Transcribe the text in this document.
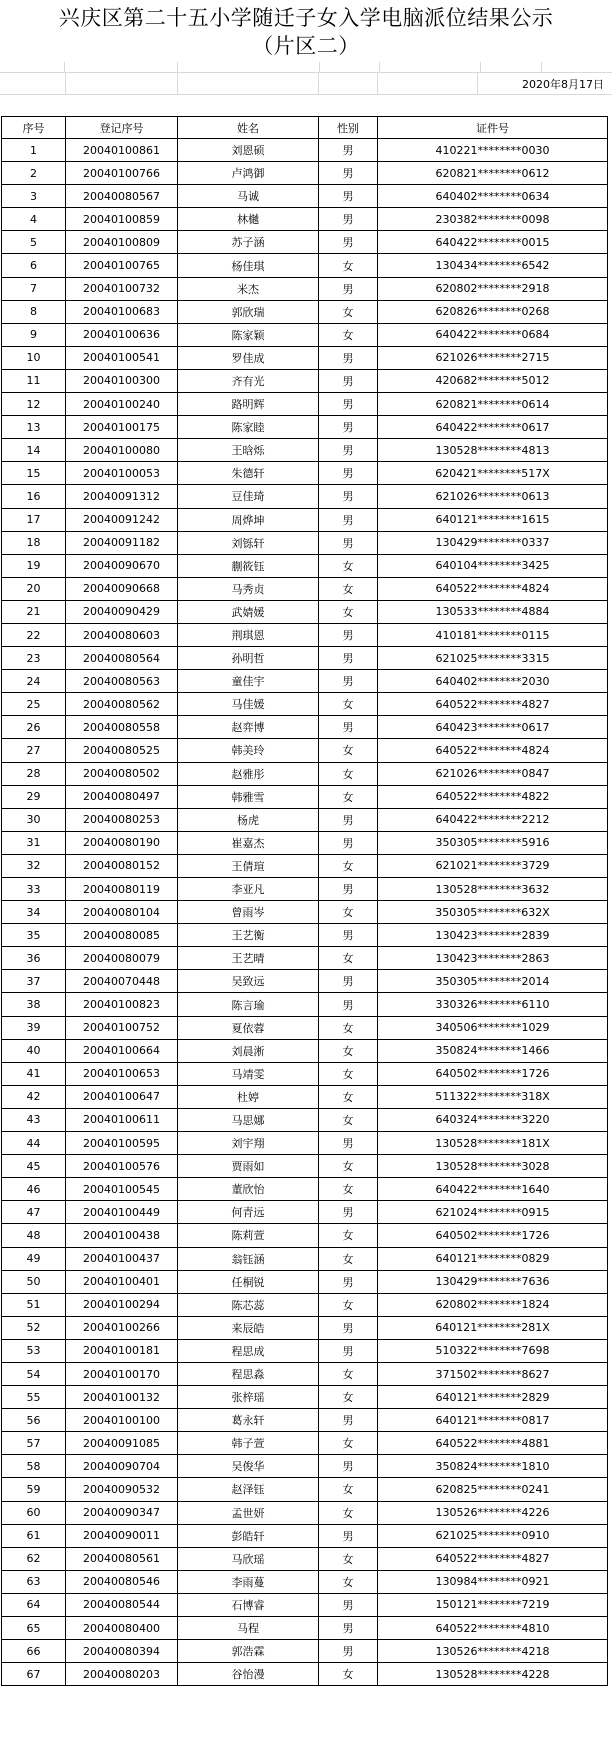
兴庆区第二十五小学随迁子女入学电脑派位结果公示
（片区二）
2020年8月17日
序号	登记序号	姓名	性别	证件号
1	20040100861	刘恩硕	男	410221********0030
2	20040100766	卢鸿御	男	620821********0612
3	20040080567	马诚	男	640402********0634
4	20040100859	林樾	男	230382********0098
5	20040100809	苏子涵	男	640422********0015
6	20040100765	杨佳琪	女	130434********6542
7	20040100732	米杰	男	620802********2918
8	20040100683	郭欣瑞	女	620826********0268
9	20040100636	陈家颖	女	640422********0684
10	20040100541	罗佳成	男	621026********2715
11	20040100300	齐有光	男	420682********5012
12	20040100240	路明辉	男	620821********0614
13	20040100175	陈家睦	男	640422********0617
14	20040100080	王晗烁	男	130528********4813
15	20040100053	朱德轩	男	620421********517X
16	20040091312	豆佳琦	男	621026********0613
17	20040091242	周烨坤	男	640121********1615
18	20040091182	刘铄轩	男	130429********0337
19	20040090670	蒯筱钰	女	640104********3425
20	20040090668	马秀贞	女	640522********4824
21	20040090429	武婧媛	女	130533********4884
22	20040080603	荆琪恩	男	410181********0115
23	20040080564	孙明哲	男	621025********3315
24	20040080563	童佳宇	男	640402********2030
25	20040080562	马佳媛	女	640522********4827
26	20040080558	赵弈博	男	640423********0617
27	20040080525	韩美玲	女	640522********4824
28	20040080502	赵雅彤	女	621026********0847
29	20040080497	韩雅雪	女	640522********4822
30	20040080253	杨虎	男	640422********2212
31	20040080190	崔嘉杰	男	350305********5916
32	20040080152	王倩瑄	女	621021********3729
33	20040080119	李亚凡	男	130528********3632
34	20040080104	曾雨岑	女	350305********632X
35	20040080085	王艺衡	男	130423********2839
36	20040080079	王艺晴	女	130423********2863
37	20040070448	吴致远	男	350305********2014
38	20040100823	陈言瑜	男	330326********6110
39	20040100752	夏依蓉	女	340506********1029
40	20040100664	刘晨淅	女	350824********1466
41	20040100653	马靖雯	女	640502********1726
42	20040100647	杜婷	女	511322********318X
43	20040100611	马思娜	女	640324********3220
44	20040100595	刘宇翔	男	130528********181X
45	20040100576	贾雨如	女	130528********3028
46	20040100545	董欣怡	女	640422********1640
47	20040100449	何青远	男	621024********0915
48	20040100438	陈莉萱	女	640502********1726
49	20040100437	翁钰涵	女	640121********0829
50	20040100401	任桐锐	男	130429********7636
51	20040100294	陈芯蕊	女	620802********1824
52	20040100266	来辰皓	男	640121********281X
53	20040100181	程思成	男	510322********7698
54	20040100170	程思淼	女	371502********8627
55	20040100132	张梓瑶	女	640121********2829
56	20040100100	葛永轩	男	640121********0817
57	20040091085	韩子萱	女	640522********4881
58	20040090704	吴俊华	男	350824********1810
59	20040090532	赵泽钰	女	620825********0241
60	20040090347	孟世妍	女	130526********4226
61	20040090011	彭皓轩	男	621025********0910
62	20040080561	马欣瑶	女	640522********4827
63	20040080546	李雨蔓	女	130984********0921
64	20040080544	石博睿	男	150121********7219
65	20040080400	马程	男	640522********4810
66	20040080394	郭浩霖	男	130526********4218
67	20040080203	谷怡漫	女	130528********4228
